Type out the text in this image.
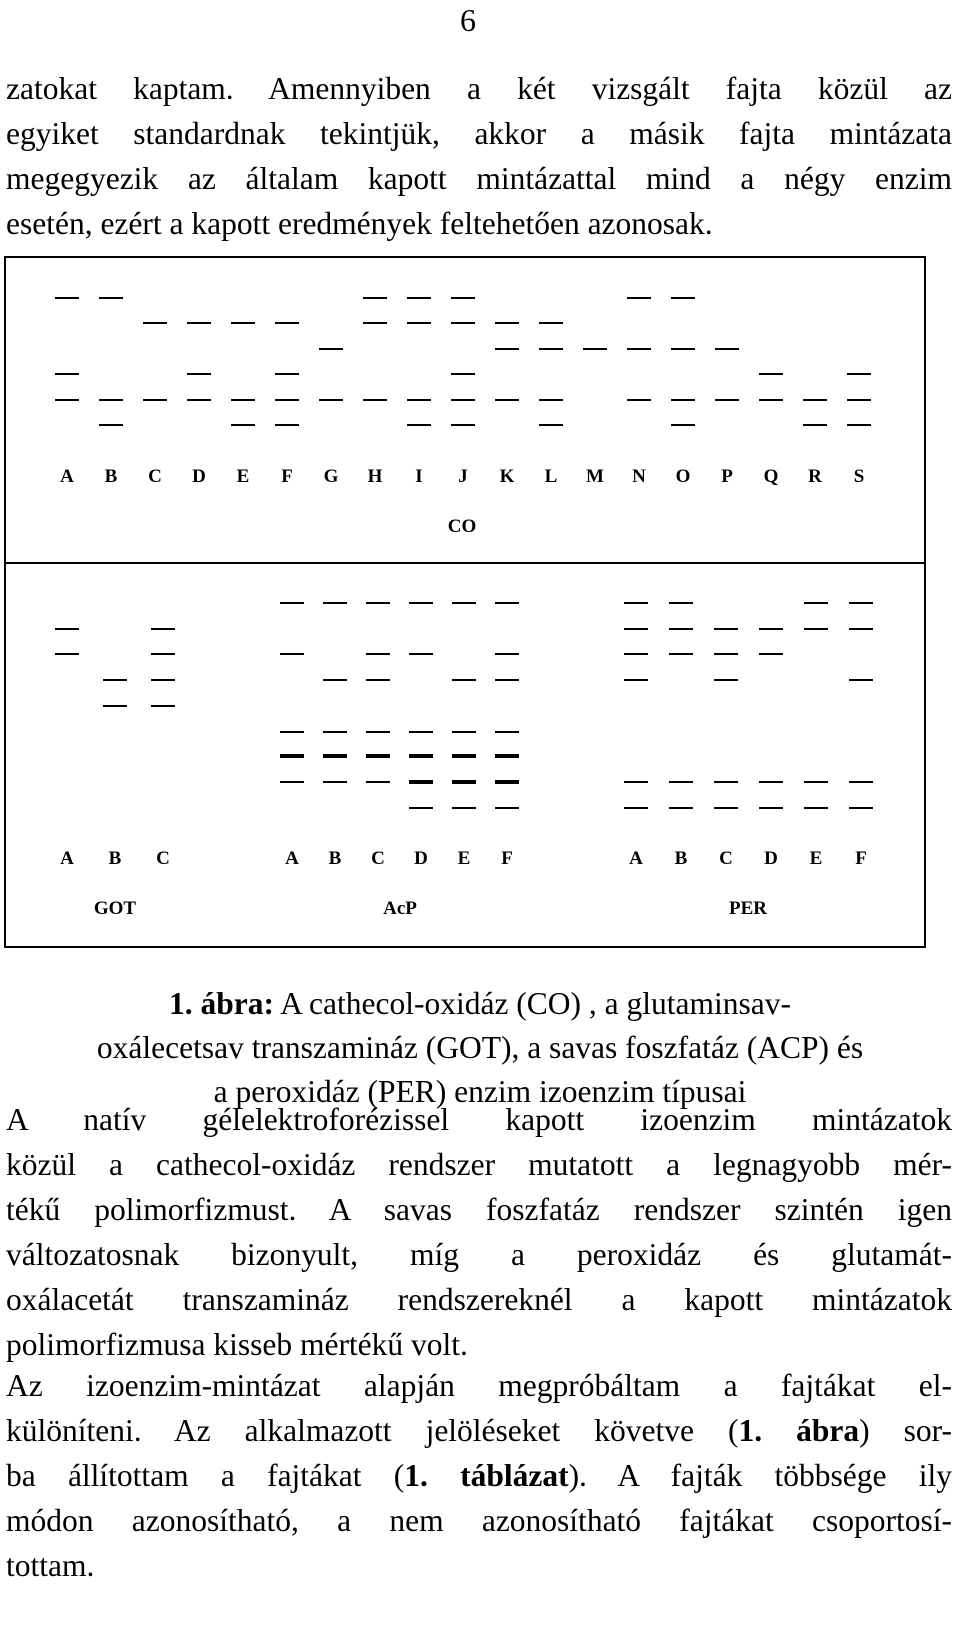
6
zatokat kaptam. Amennyiben a két vizsgált fajta közül az
egyiket standardnak tekintjük, akkor a másik fajta mintázata
megegyezik az általam kapott mintázattal mind a négy enzim
esetén, ezért a kapott eredmények feltehetően azonosak.
A B C D E F G H I J K L M N O P Q R S
CO
A B C
GOT
A B C D E F
AcP
A B C D E F
PER
1. ábra: A cathecol-oxidáz (CO) , a glutaminsav-
oxálecetsav transzamináz (GOT), a savas foszfatáz (ACP) és
a peroxidáz (PER) enzim izoenzim típusai
A natív gélelektroforézissel kapott izoenzim mintázatok
közül a cathecol-oxidáz rendszer mutatott a legnagyobb mér-
tékű polimorfizmust. A savas foszfatáz rendszer szintén igen
változatosnak bizonyult, míg a peroxidáz és glutamát-
oxálacetát transzamináz rendszereknél a kapott mintázatok
polimorfizmusa kisseb mértékű volt.
Az izoenzim-mintázat alapján megpróbáltam a fajtákat el-
különíteni. Az alkalmazott jelöléseket követve (1. ábra) sor-
ba állítottam a fajtákat (1. táblázat). A fajták többsége ily
módon azonosítható, a nem azonosítható fajtákat csoportosí-
tottam.
